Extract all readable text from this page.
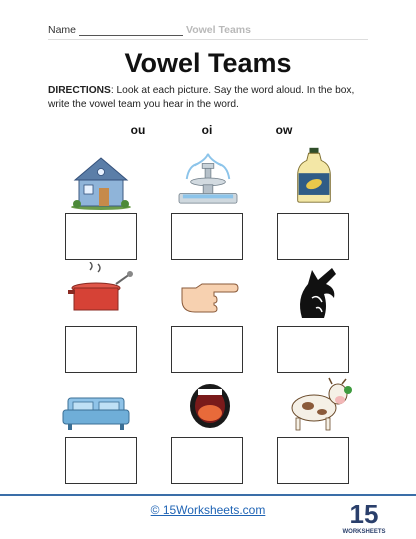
Name	Vowel Teams
Vowel Teams
DIRECTIONS: Look at each picture. Say the word aloud. In the box, write the vowel team you hear in the word.
ou	oi	ow
© 15Worksheets.com	15
WORKSHEETS
